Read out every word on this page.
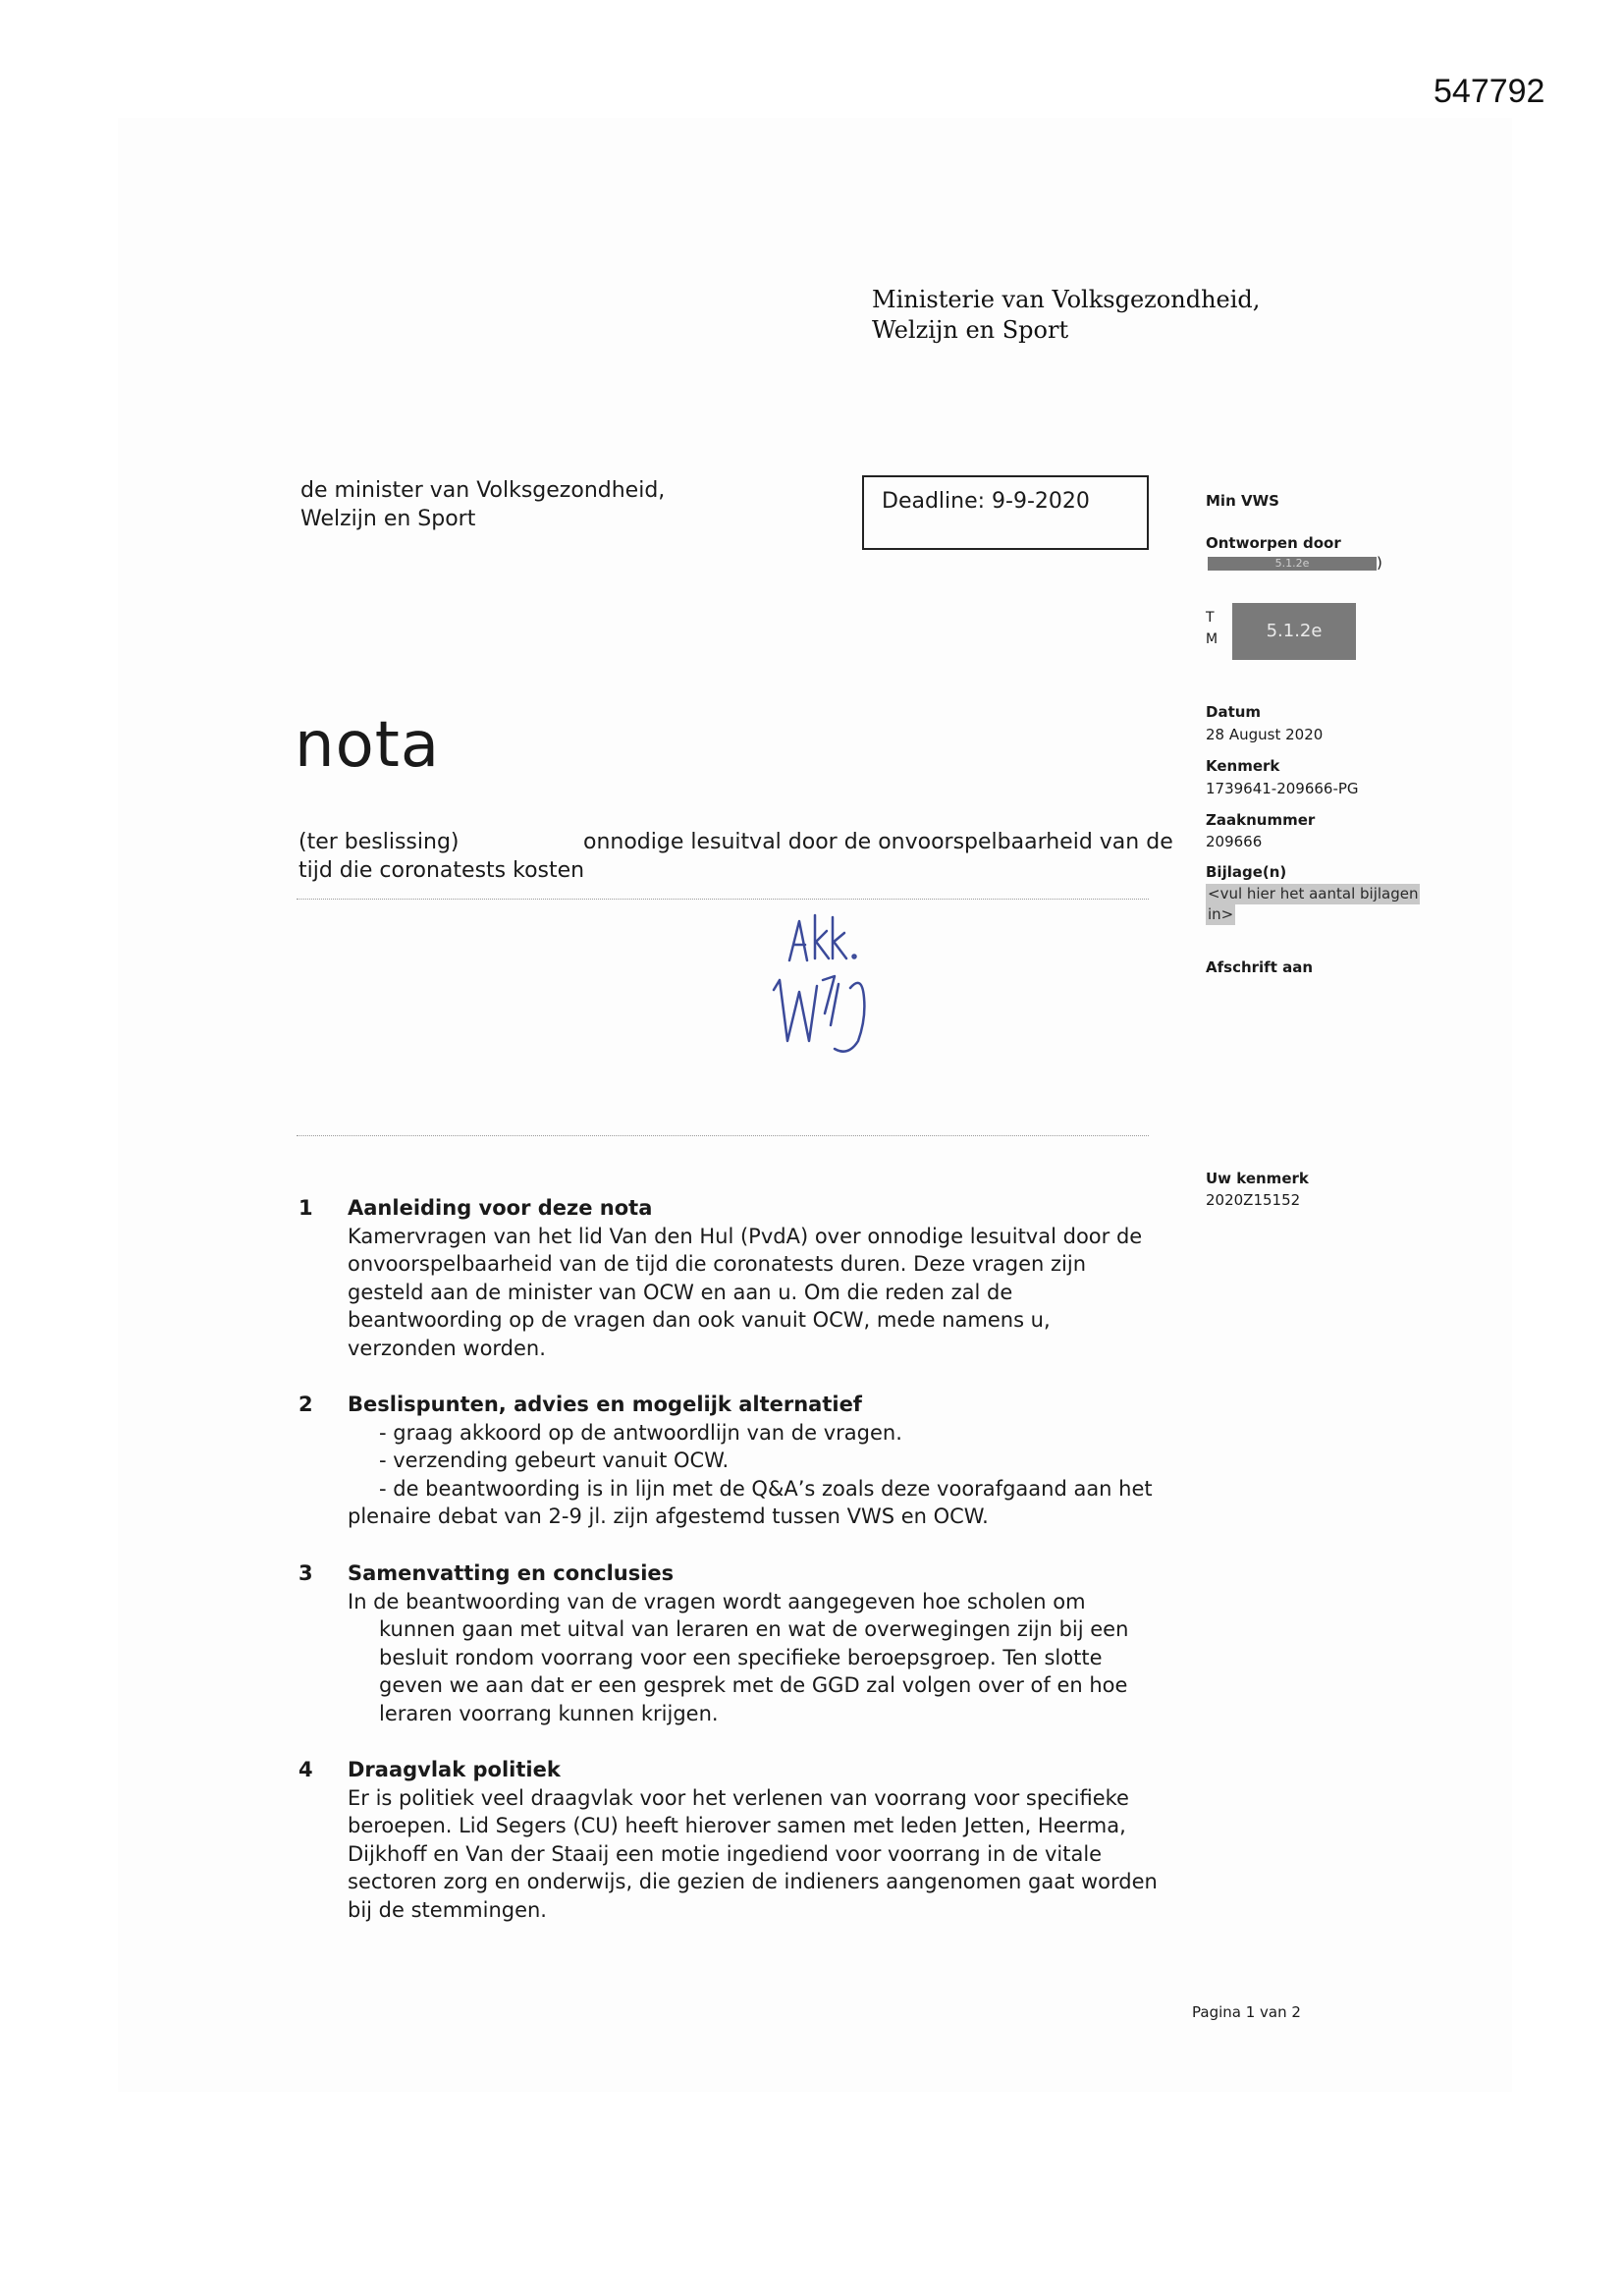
547792
Ministerie van Volksgezondheid,
Welzijn en Sport
de minister van Volksgezondheid,
Welzijn en Sport
Deadline: 9-9-2020	Min VWS
Ontworpen door
5.1.2e	)
T
M	5.1.2e
Datum
28 August 2020
Kenmerk
1739641-209666-PG
Zaaknummer
209666
Bijlage(n)
<vul hier het aantal bijlagen
in>
Afschrift aan
Uw kenmerk
2020Z15152
nota
(ter beslissing)	onnodige lesuitval door de onvoorspelbaarheid van de
tijd die coronatests kosten
1 Aanleiding voor deze nota
Kamervragen van het lid Van den Hul (PvdA) over onnodige lesuitval door de
onvoorspelbaarheid van de tijd die coronatests duren. Deze vragen zijn
gesteld aan de minister van OCW en aan u. Om die reden zal de
beantwoording op de vragen dan ook vanuit OCW, mede namens u,
verzonden worden.
2 Beslispunten, advies en mogelijk alternatief
- graag akkoord op de antwoordlijn van de vragen.
- verzending gebeurt vanuit OCW.
- de beantwoording is in lijn met de Q&A’s zoals deze voorafgaand aan het
plenaire debat van 2-9 jl. zijn afgestemd tussen VWS en OCW.
3 Samenvatting en conclusies
In de beantwoording van de vragen wordt aangegeven hoe scholen om
kunnen gaan met uitval van leraren en wat de overwegingen zijn bij een
besluit rondom voorrang voor een specifieke beroepsgroep. Ten slotte
geven we aan dat er een gesprek met de GGD zal volgen over of en hoe
leraren voorrang kunnen krijgen.
4 Draagvlak politiek
Er is politiek veel draagvlak voor het verlenen van voorrang voor specifieke
beroepen. Lid Segers (CU) heeft hierover samen met leden Jetten, Heerma,
Dijkhoff en Van der Staaij een motie ingediend voor voorrang in de vitale
sectoren zorg en onderwijs, die gezien de indieners aangenomen gaat worden
bij de stemmingen.
Pagina 1 van 2
